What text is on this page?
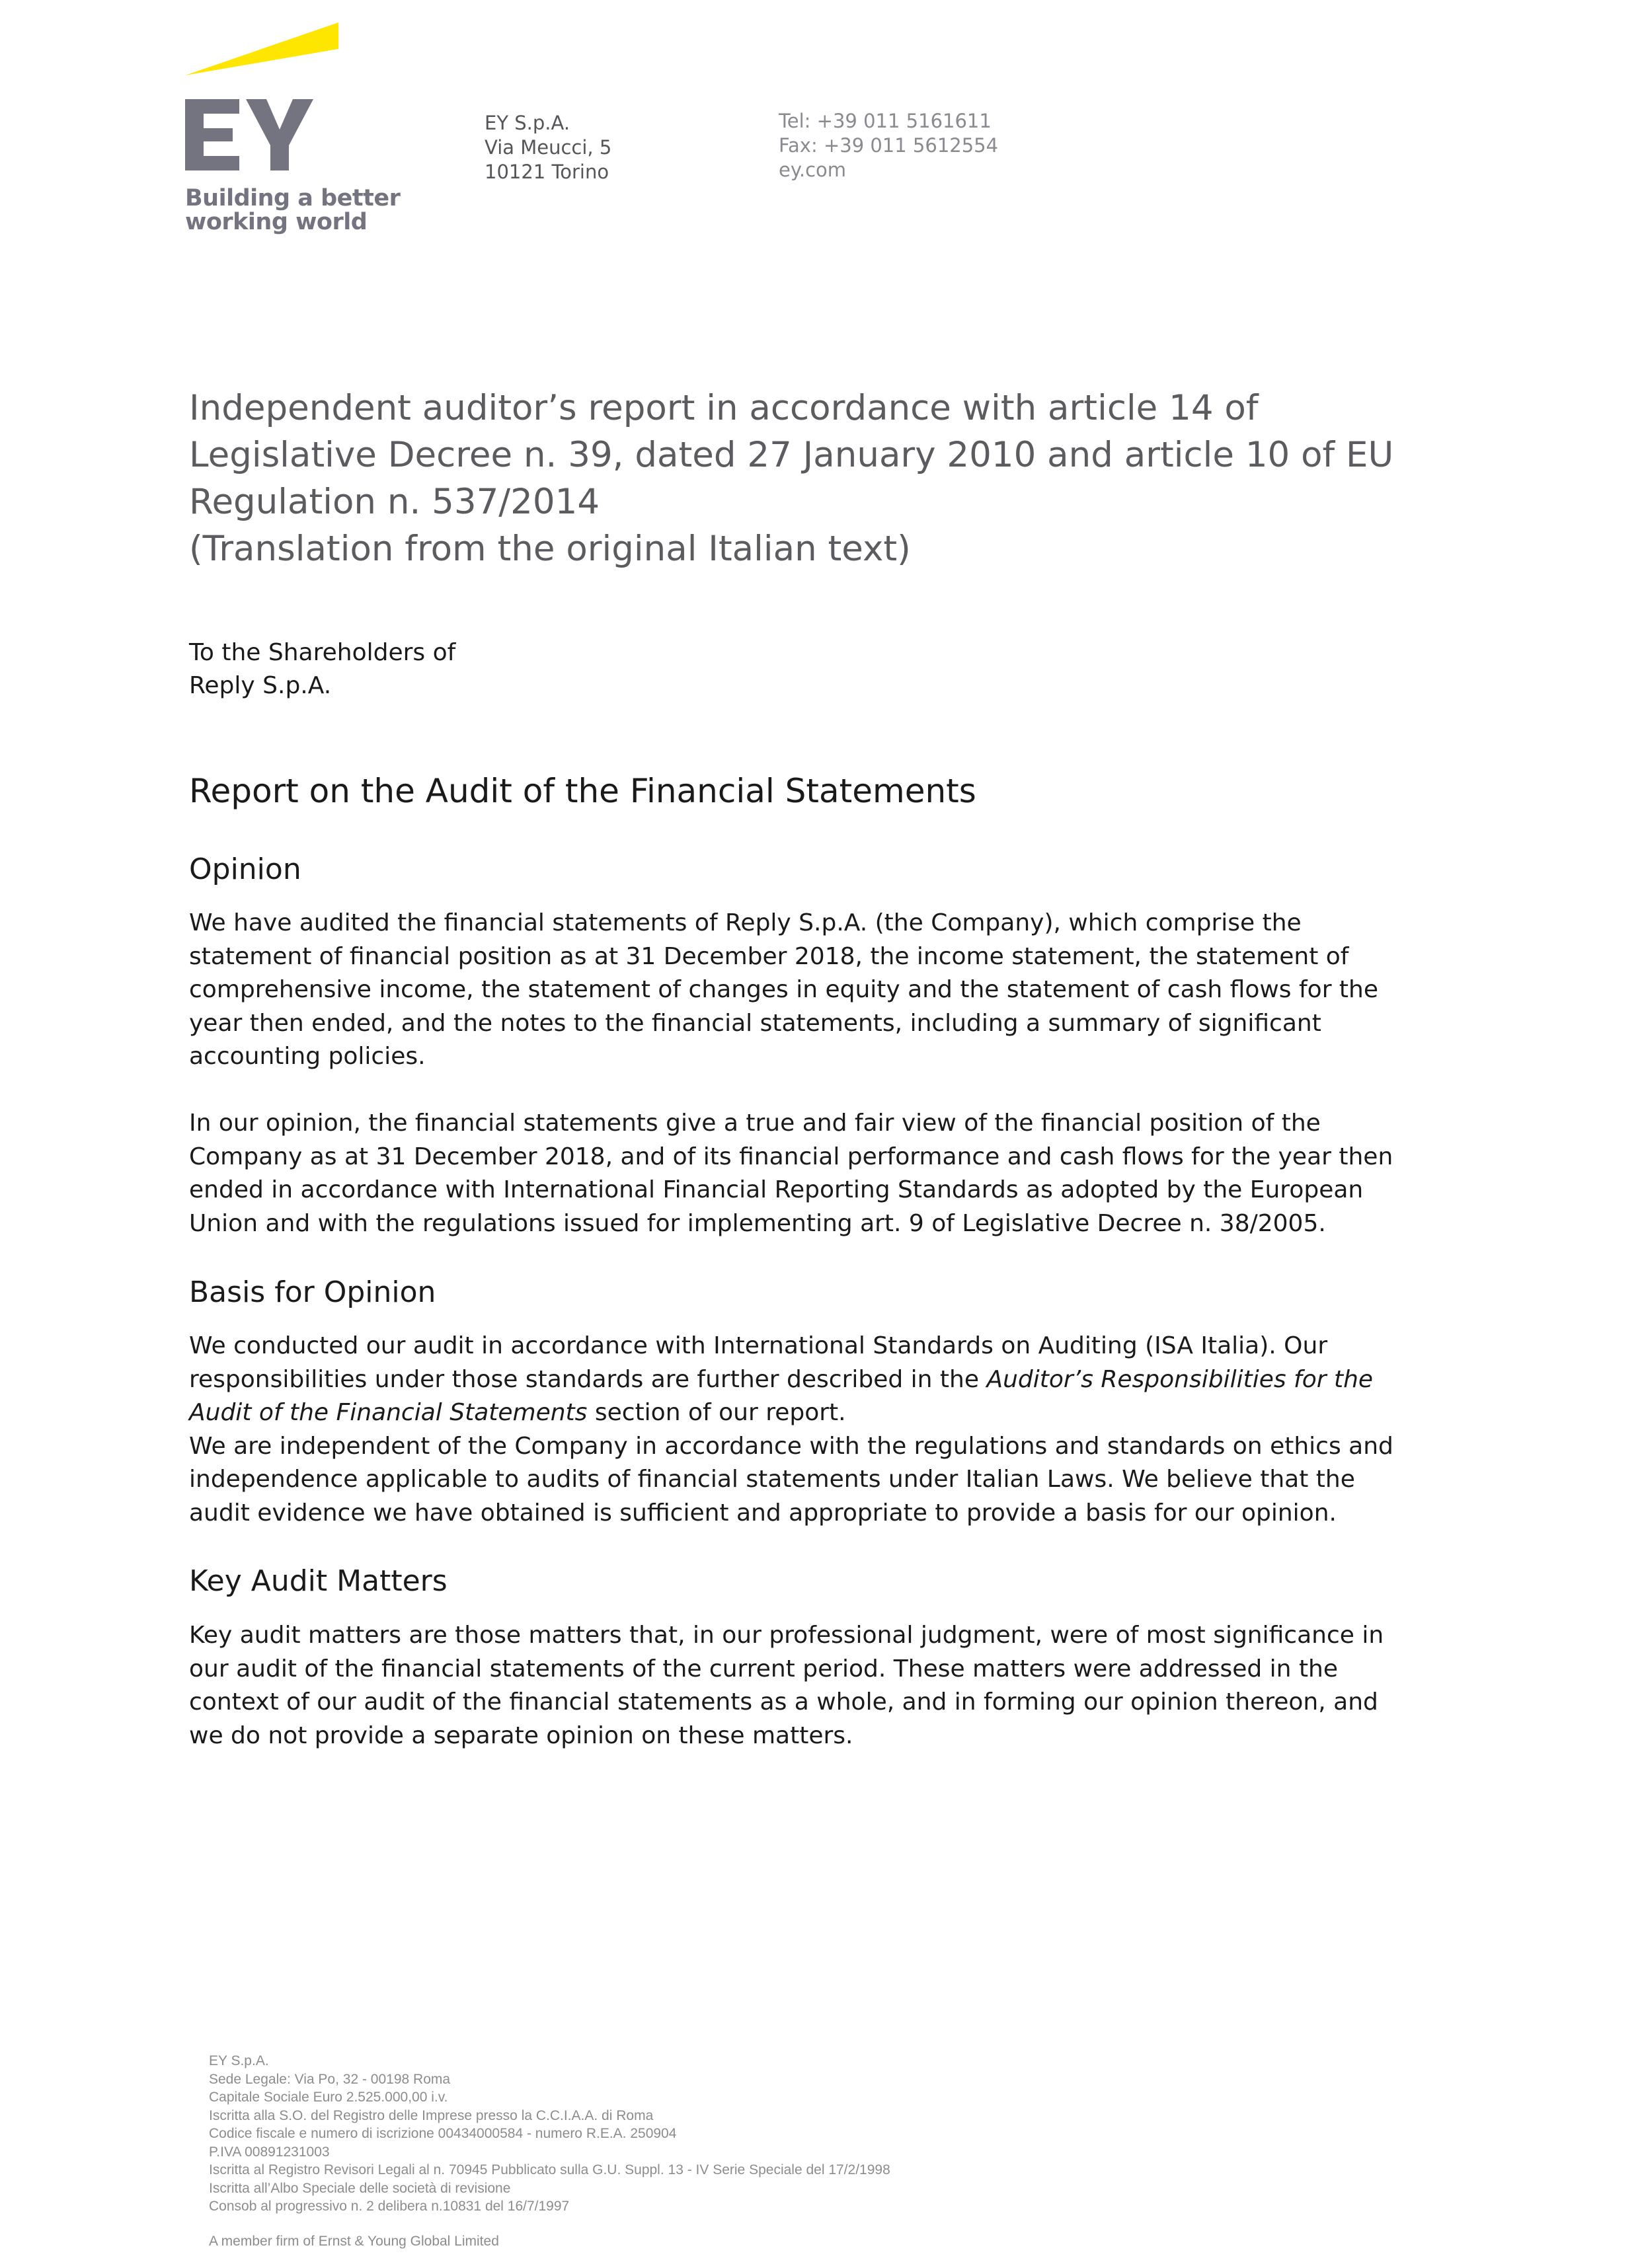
Building a better
working world
EY S.p.A.
Via Meucci, 5
10121 Torino
Tel: +39 011 5161611
Fax: +39 011 5612554
ey.com
Independent auditor’s report in accordance with article 14 of
Legislative Decree n. 39, dated 27 January 2010 and article 10 of EU
Regulation n. 537/2014
(Translation from the original Italian text)
To the Shareholders of
Reply S.p.A.
Report on the Audit of the Financial Statements
Opinion
We have audited the financial statements of Reply S.p.A. (the Company), which comprise the
statement of financial position as at 31 December 2018, the income statement, the statement of
comprehensive income, the statement of changes in equity and the statement of cash flows for the
year then ended, and the notes to the financial statements, including a summary of significant
accounting policies.
In our opinion, the financial statements give a true and fair view of the financial position of the
Company as at 31 December 2018, and of its financial performance and cash flows for the year then
ended in accordance with International Financial Reporting Standards as adopted by the European
Union and with the regulations issued for implementing art. 9 of Legislative Decree n. 38/2005.
Basis for Opinion
We conducted our audit in accordance with International Standards on Auditing (ISA Italia). Our
responsibilities under those standards are further described in the Auditor’s Responsibilities for the
Audit of the Financial Statements section of our report.
We are independent of the Company in accordance with the regulations and standards on ethics and
independence applicable to audits of financial statements under Italian Laws. We believe that the
audit evidence we have obtained is sufficient and appropriate to provide a basis for our opinion.
Key Audit Matters
Key audit matters are those matters that, in our professional judgment, were of most significance in
our audit of the financial statements of the current period. These matters were addressed in the
context of our audit of the financial statements as a whole, and in forming our opinion thereon, and
we do not provide a separate opinion on these matters.
EY S.p.A.
Sede Legale: Via Po, 32 - 00198 Roma
Capitale Sociale Euro 2.525.000,00 i.v.
Iscritta alla S.O. del Registro delle Imprese presso la C.C.I.A.A. di Roma
Codice fiscale e numero di iscrizione 00434000584 - numero R.E.A. 250904
P.IVA 00891231003
Iscritta al Registro Revisori Legali al n. 70945 Pubblicato sulla G.U. Suppl. 13 - IV Serie Speciale del 17/2/1998
Iscritta all’Albo Speciale delle società di revisione
Consob al progressivo n. 2 delibera n.10831 del 16/7/1997
A member firm of Ernst & Young Global Limited
